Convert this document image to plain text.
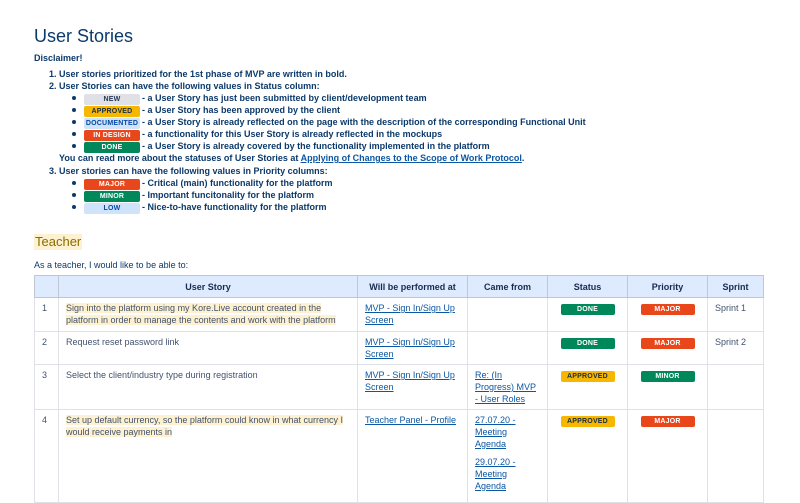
User Stories
Disclaimer!
1. User stories prioritized for the 1st phase of MVP are written in bold.
2. User Stories can have the following values in Status column:
NEW	- a User Story has just been submitted by client/development team
APPROVED	- a User Story has been approved by the client
DOCUMENTED - a User Story is already reflected on the page with the description of the corresponding Functional Unit
IN DESIGN	- a functionality for this User Story is already reflected in the mockups
DONE	- a User Story is already covered by the functionality implemented in the platform
You can read more about the statuses of User Stories at Applying of Changes to the Scope of Work Protocol.
3. User stories can have the following values in Priority columns:
MAJOR	- Critical (main) functionality for the platform
MINOR	- Important funcitonality for the platform
LOW	- Nice-to-have functionality for the platform
Teacher
As a teacher, I would like to be able to:
	User Story	Will be performed at	Came from	Status	Priority	Sprint
1	Sign into the platform using my Kore.Live account created in the platform in order to manage the contents and work with the platform	MVP - Sign In/Sign Up Screen		DONE	MAJOR	Sprint 1
2	Request reset password link	MVP - Sign In/Sign Up Screen		DONE	MAJOR	Sprint 2
3	Select the client/industry type during registration	MVP - Sign In/Sign Up Screen	Re: (In Progress) MVP - User Roles	APPROVED	MINOR	
4	Set up default currency, so the platform could know in what currency I would receive payments in	Teacher Panel - Profile	27.07.20 - Meeting Agenda
29.07.20 - Meeting Agenda	APPROVED	MAJOR	
